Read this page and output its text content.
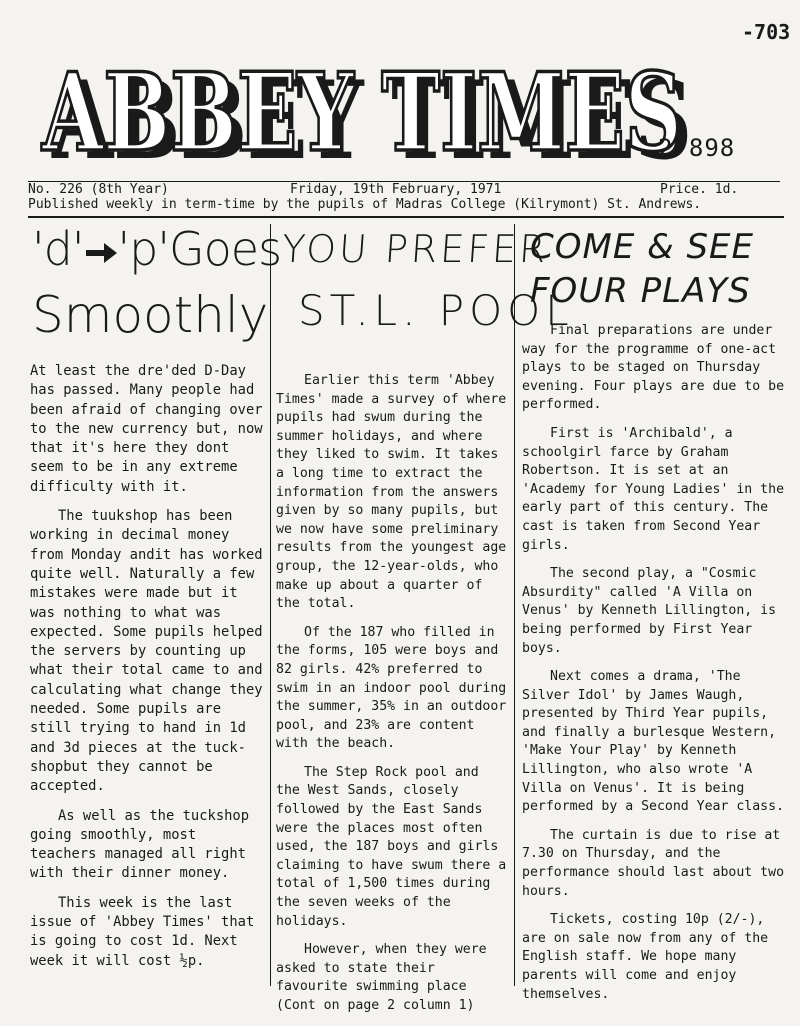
-703
ABBEY TIMES
ABBEY TIMES
2 898
No. 226 (8th Year)	Friday, 19th February, 1971	Price. 1d.
Published weekly in term-time by the pupils of Madras College (Kilrymont) St. Andrews.
'd' 'p'Goes
Smoothly

At least the dre'ded D-Day has passed. Many people had been afraid of changing over to the new currency but, now that it's here they dont seem to be in any extreme difficulty with it.

The tuukshop has been working in decimal money from Monday andit has worked quite well. Naturally a few mistakes were made but it was nothing to what was expected. Some pupils helped the servers by counting up what their total came to and calculating what change they needed. Some pupils are still trying to hand in 1d and 3d pieces at the tuck-shopbut they cannot be accepted.

As well as the tuckshop going smoothly, most teachers managed all right with their dinner money.

This week is the last issue of 'Abbey Times' that is going to cost 1d. Next week it will cost ½p.

YOU PREFER
ST.L. POOL

Earlier this term 'Abbey Times' made a survey of where pupils had swum during the summer holidays, and where they liked to swim. It takes a long time to extract the information from the answers given by so many pupils, but we now have some preliminary results from the youngest age group, the 12-year-olds, who make up about a quarter of the total.

Of the 187 who filled in the forms, 105 were boys and 82 girls. 42% preferred to swim in an indoor pool during the summer, 35% in an outdoor pool, and 23% are content with the beach.

The Step Rock pool and the West Sands, closely followed by the East Sands were the places most often used, the 187 boys and girls claiming to have swum there a total of 1,500 times during the seven weeks of the holidays.

However, when they were asked to state their favourite swimming place (Cont on page 2 column 1)

COME & SEE
FOUR PLAYS

Final preparations are under way for the programme of one-act plays to be staged on Thursday evening. Four plays are due to be performed.

First is 'Archibald', a schoolgirl farce by Graham Robertson. It is set at an 'Academy for Young Ladies' in the early part of this century. The cast is taken from Second Year girls.

The second play, a "Cosmic Absurdity" called 'A Villa on Venus' by Kenneth Lillington, is being performed by First Year boys.

Next comes a drama, 'The Silver Idol' by James Waugh, presented by Third Year pupils, and finally a burlesque Western, 'Make Your Play' by Kenneth Lillington, who also wrote 'A Villa on Venus'. It is being performed by a Second Year class.

The curtain is due to rise at 7.30 on Thursday, and the performance should last about two hours.

Tickets, costing 10p (2/-), are on sale now from any of the English staff. We hope many parents will come and enjoy themselves.
